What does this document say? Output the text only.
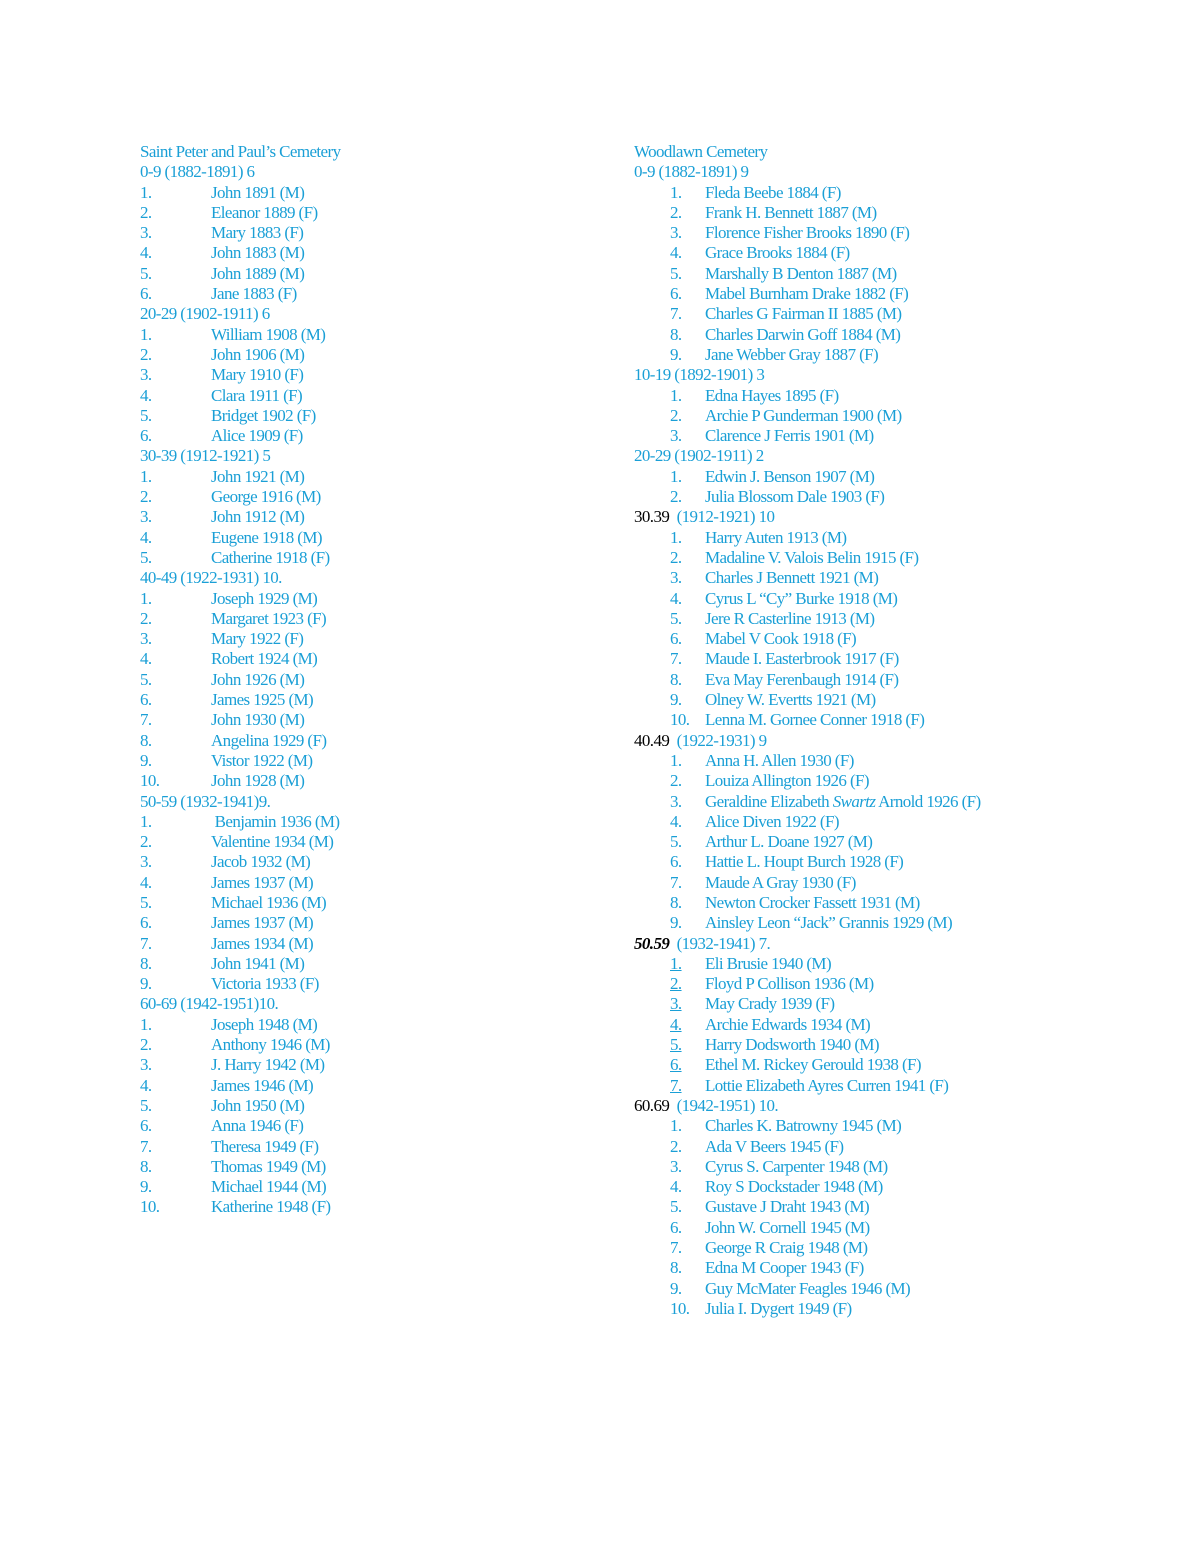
Saint Peter and Paul’s Cemetery
0-9 (1882-1891) 6
1.	John 1891 (M)
2.	Eleanor 1889 (F)
3.	Mary 1883 (F)
4.	John 1883 (M)
5.	John 1889 (M)
6.	Jane 1883 (F)
20-29 (1902-1911) 6
1.	William 1908 (M)
2.	John 1906 (M)
3.	Mary 1910 (F)
4.	Clara 1911 (F)
5.	Bridget 1902 (F)
6.	Alice 1909 (F)
30-39 (1912-1921) 5
1.	John 1921 (M)
2.	George 1916 (M)
3.	John 1912 (M)
4.	Eugene 1918 (M)
5.	Catherine 1918 (F)
40-49 (1922-1931) 10.
1.	Joseph 1929 (M)
2.	Margaret 1923 (F)
3.	Mary 1922 (F)
4.	Robert 1924 (M)
5.	John 1926 (M)
6.	James 1925 (M)
7.	John 1930 (M)
8.	Angelina 1929 (F)
9.	Vistor 1922 (M)
10.	John 1928 (M)
50-59 (1932-1941)9.
1.	Benjamin 1936 (M)
2.	Valentine 1934 (M)
3.	Jacob 1932 (M)
4.	James 1937 (M)
5.	Michael 1936 (M)
6.	James 1937 (M)
7.	James 1934 (M)
8.	John 1941 (M)
9.	Victoria 1933 (F)
60-69 (1942-1951)10.
1.	Joseph 1948 (M)
2.	Anthony 1946 (M)
3.	J. Harry 1942 (M)
4.	James 1946 (M)
5.	John 1950 (M)
6.	Anna 1946 (F)
7.	Theresa 1949 (F)
8.	Thomas 1949 (M)
9.	Michael 1944 (M)
10.	Katherine 1948 (F)
Woodlawn Cemetery
0-9 (1882-1891) 9
1. Fleda Beebe 1884 (F)
2. Frank H. Bennett 1887 (M)
3. Florence Fisher Brooks 1890 (F)
4. Grace Brooks 1884 (F)
5. Marshally B Denton 1887 (M)
6. Mabel Burnham Drake 1882 (F)
7. Charles G Fairman II 1885 (M)
8. Charles Darwin Goff 1884 (M)
9. Jane Webber Gray 1887 (F)
10-19 (1892-1901) 3
1. Edna Hayes 1895 (F)
2. Archie P Gunderman 1900 (M)
3. Clarence J Ferris 1901 (M)
20-29 (1902-1911) 2
1. Edwin J. Benson 1907 (M)
2. Julia Blossom Dale 1903 (F)
30.39  (1912-1921) 10
1. Harry Auten 1913 (M)
2. Madaline V. Valois Belin 1915 (F)
3. Charles J Bennett 1921 (M)
4. Cyrus L “Cy” Burke 1918 (M)
5. Jere R Casterline 1913 (M)
6. Mabel V Cook 1918 (F)
7. Maude I. Easterbrook 1917 (F)
8. Eva May Ferenbaugh 1914 (F)
9. Olney W. Evertts 1921 (M)
10. Lenna M. Gornee Conner 1918 (F)
40.49  (1922-1931) 9
1. Anna H. Allen 1930 (F)
2. Louiza Allington 1926 (F)
3. Geraldine Elizabeth Swartz Arnold 1926 (F)
4. Alice Diven 1922 (F)
5. Arthur L. Doane 1927 (M)
6. Hattie L. Houpt Burch 1928 (F)
7. Maude A Gray 1930 (F)
8. Newton Crocker Fassett 1931 (M)
9. Ainsley Leon “Jack” Grannis 1929 (M)
50.59  (1932-1941) 7.
1.	Eli Brusie 1940 (M)
2.	Floyd P Collison 1936 (M)
3.	May Crady 1939 (F)
4.	Archie Edwards 1934 (M)
5.	Harry Dodsworth 1940 (M)
6.	Ethel M. Rickey Gerould 1938 (F)
7.	Lottie Elizabeth Ayres Curren 1941 (F)
60.69  (1942-1951) 10.
1. Charles K. Batrowny 1945 (M)
2. Ada V Beers 1945 (F)
3. Cyrus S. Carpenter 1948 (M)
4. Roy S Dockstader 1948 (M)
5. Gustave J Draht 1943 (M)
6. John W. Cornell 1945 (M)
7. George R Craig 1948 (M)
8. Edna M Cooper 1943 (F)
9. Guy McMater Feagles 1946 (M)
10. Julia I. Dygert 1949 (F)
